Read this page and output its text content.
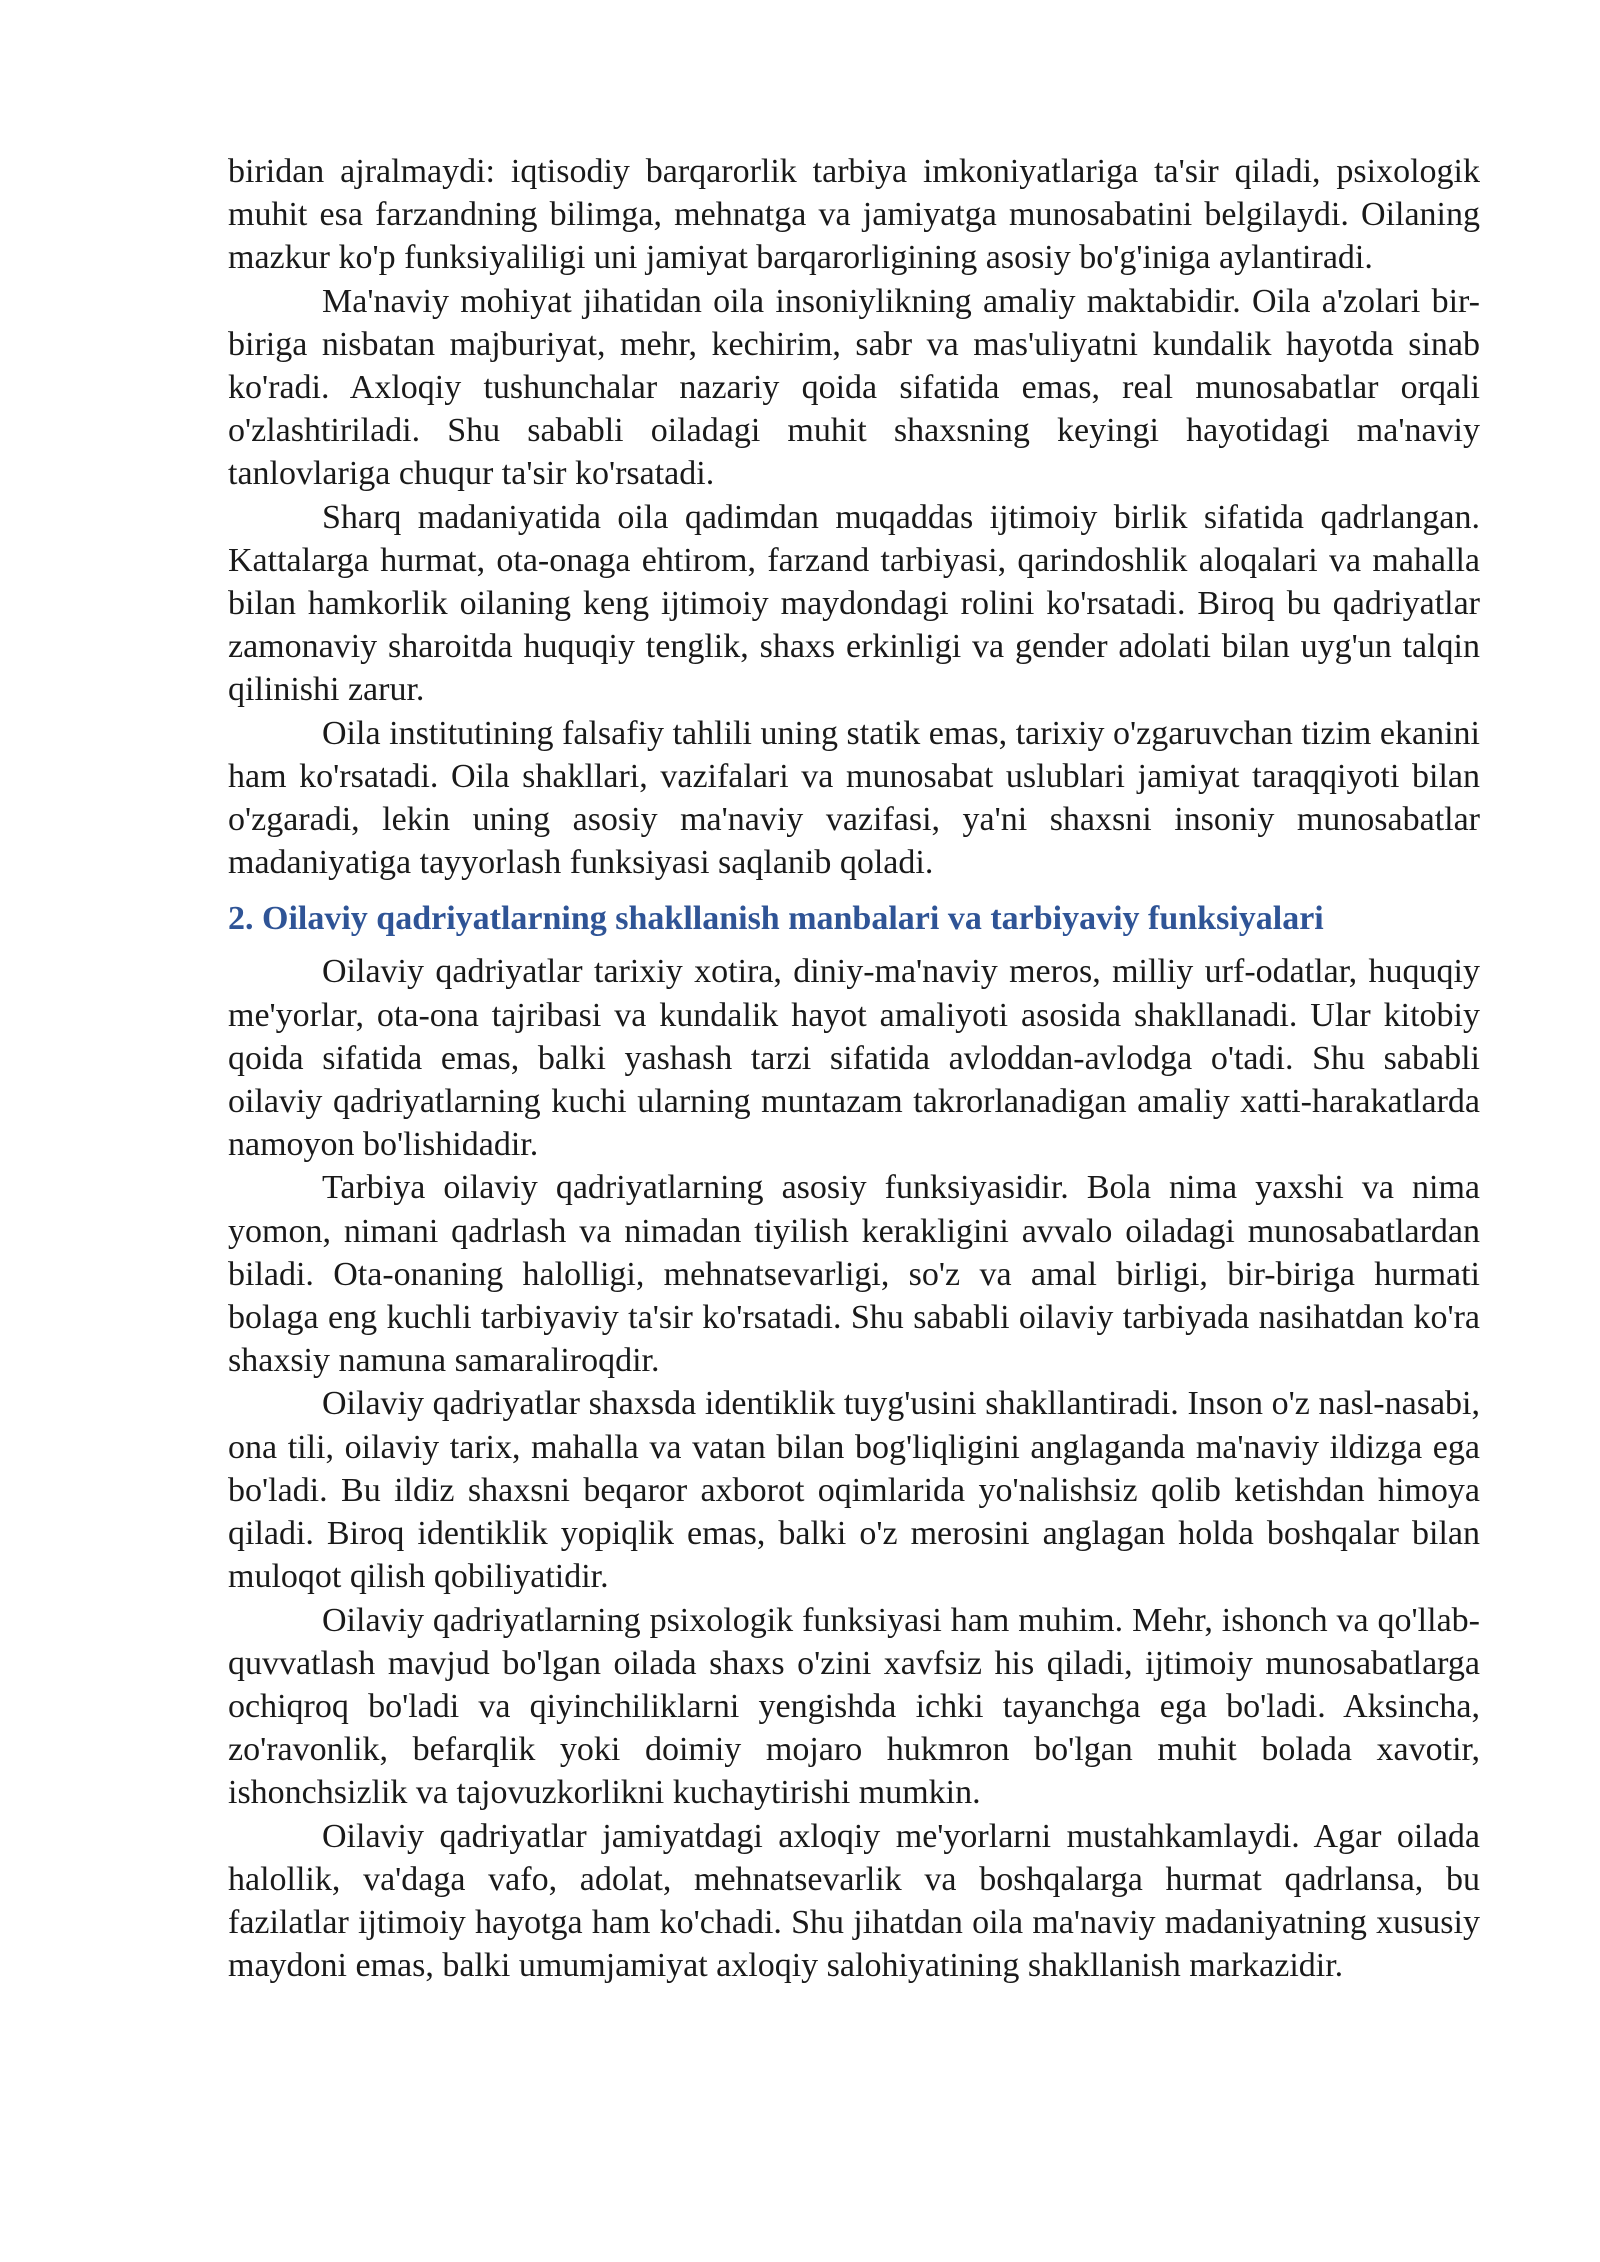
biridan ajralmaydi: iqtisodiy barqarorlik tarbiya imkoniyatlariga ta'sir qiladi, psixologik muhit esa farzandning bilimga, mehnatga va jamiyatga munosabatini belgilaydi. Oilaning mazkur ko'p funksiyaliligi uni jamiyat barqarorligining asosiy bo'g'iniga aylantiradi.

Ma'naviy mohiyat jihatidan oila insoniylikning amaliy maktabidir. Oila a'zolari bir-biriga nisbatan majburiyat, mehr, kechirim, sabr va mas'uliyatni kundalik hayotda sinab ko'radi. Axloqiy tushunchalar nazariy qoida sifatida emas, real munosabatlar orqali o'zlashtiriladi. Shu sababli oiladagi muhit shaxsning keyingi hayotidagi ma'naviy tanlovlariga chuqur ta'sir ko'rsatadi.

Sharq madaniyatida oila qadimdan muqaddas ijtimoiy birlik sifatida qadrlangan. Kattalarga hurmat, ota-onaga ehtirom, farzand tarbiyasi, qarindoshlik aloqalari va mahalla bilan hamkorlik oilaning keng ijtimoiy maydondagi rolini ko'rsatadi. Biroq bu qadriyatlar zamonaviy sharoitda huquqiy tenglik, shaxs erkinligi va gender adolati bilan uyg'un talqin qilinishi zarur.

Oila institutining falsafiy tahlili uning statik emas, tarixiy o'zgaruvchan tizim ekanini ham ko'rsatadi. Oila shakllari, vazifalari va munosabat uslublari jamiyat taraqqiyoti bilan o'zgaradi, lekin uning asosiy ma'naviy vazifasi, ya'ni shaxsni insoniy munosabatlar madaniyatiga tayyorlash funksiyasi saqlanib qoladi.

2. Oilaviy qadriyatlarning shakllanish manbalari va tarbiyaviy funksiyalari

Oilaviy qadriyatlar tarixiy xotira, diniy-ma'naviy meros, milliy urf-odatlar, huquqiy me'yorlar, ota-ona tajribasi va kundalik hayot amaliyoti asosida shakllanadi. Ular kitobiy qoida sifatida emas, balki yashash tarzi sifatida avloddan-avlodga o'tadi. Shu sababli oilaviy qadriyatlarning kuchi ularning muntazam takrorlanadigan amaliy xatti-harakatlarda namoyon bo'lishidadir.

Tarbiya oilaviy qadriyatlarning asosiy funksiyasidir. Bola nima yaxshi va nima yomon, nimani qadrlash va nimadan tiyilish kerakligini avvalo oiladagi munosabatlardan biladi. Ota-onaning halolligi, mehnatsevarligi, so'z va amal birligi, bir-biriga hurmati bolaga eng kuchli tarbiyaviy ta'sir ko'rsatadi. Shu sababli oilaviy tarbiyada nasihatdan ko'ra shaxsiy namuna samaraliroqdir.

Oilaviy qadriyatlar shaxsda identiklik tuyg'usini shakllantiradi. Inson o'z nasl-nasabi, ona tili, oilaviy tarix, mahalla va vatan bilan bog'liqligini anglaganda ma'naviy ildizga ega bo'ladi. Bu ildiz shaxsni beqaror axborot oqimlarida yo'nalishsiz qolib ketishdan himoya qiladi. Biroq identiklik yopiqlik emas, balki o'z merosini anglagan holda boshqalar bilan muloqot qilish qobiliyatidir.

Oilaviy qadriyatlarning psixologik funksiyasi ham muhim. Mehr, ishonch va qo'llab-quvvatlash mavjud bo'lgan oilada shaxs o'zini xavfsiz his qiladi, ijtimoiy munosabatlarga ochiqroq bo'ladi va qiyinchiliklarni yengishda ichki tayanchga ega bo'ladi. Aksincha, zo'ravonlik, befarqlik yoki doimiy mojaro hukmron bo'lgan muhit bolada xavotir, ishonchsizlik va tajovuzkorlikni kuchaytirishi mumkin.

Oilaviy qadriyatlar jamiyatdagi axloqiy me'yorlarni mustahkamlaydi. Agar oilada halollik, va'daga vafo, adolat, mehnatsevarlik va boshqalarga hurmat qadrlansa, bu fazilatlar ijtimoiy hayotga ham ko'chadi. Shu jihatdan oila ma'naviy madaniyatning xususiy maydoni emas, balki umumjamiyat axloqiy salohiyatining shakllanish markazidir.
